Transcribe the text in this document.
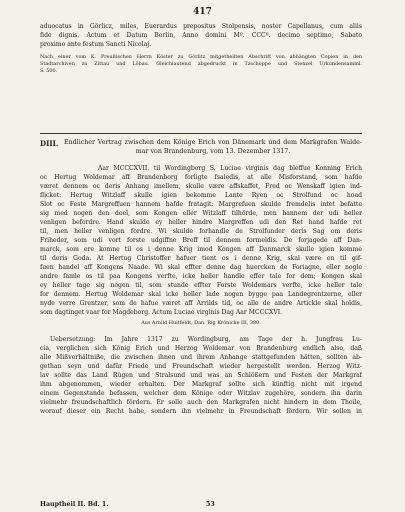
417
aduocatus in Görlicz, miles, Euerardus prepositus Stolpensis, noster Capellanus, cum aliis
fide dignis. Actum et Datum Berlin, Anno domini Mº. CCCº. decimo septimo, Sabato
proximo ante festum Sancti Nicolaj.
Nach einer vom K. Preußischen Herrn Köster zu Görlitz mitgetheilten Abschrift von abhängten Copien in den
Stadtarchiven zu Zittau und Löbau. Gleichlautend abgedruckt in Tzschoppe und Stenzel Urkundensamml.
S. 500.
DIII. Endlicher Vertrag zwischen dem Könige Erich von Dänemark und dem Markgrafen Walde-
mar von Brandenburg, vom 13. Dezember 1317.
Aar MCCCXVII. til Wordingborg S. Luciae virginis dag bleffue Konning Erich
oc Hertug Woldemar aff Brandenborg forligte fsaledis, at alle Misforstand, som hafde
været dennem oc deris Anhang imellem, skulle være affskaffet, Fred oc Wenskaff igien ind-
flicket: Hertug Witzlaff skulle igien bekomme Lante Ryen oc Strolfund oc hoad
Slot oc Feste Margreffuen hannem hafde fratagit: Margrefuen skulde fremdelis intet befatte
sig med nogen den deel, som Kongen eller Witzlaff tilhörde, men hannem der udi heller
venligen befordre. Hand skulde ey heller hindre Margreffen udi den Ret hand hafde ret
til, men heller venligen fordre. Wi skulde forhandle de Strolfunder deris Sag om deris
Friheder, som udi vort forste udgiffne Breff til dennem formeldis. De forjagede aff Dan-
marck, som ere komne til os i denne Krig imod Kongen aff Danmarck skulle igien komme
til deris Goda. At Hertug Christoffer hafuer tient os i denne Krig, skal være en til gif-
fuen handel aff Kongens Naade. Wi skal effter denne dag huercken de Foriagne, eller nogle
andre famle os til paa Kongens verfte, icke heller handle effer tale for dem; Kongen skal
ey heller tage sig nogen til, som stunde effter Forste Woldemars verfte, icke heller tale
for dennem. Hertug Woldemar skal icke heller lade nogen bygge paa Landegrentzerne, eller
nyde verre Grentzer, som de hafue været aff Arrilds tid, oc alle de andre Artickle skal holdis,
som dagtinget vaar for Magdeborg. Actum Luciae virginis Dag Aar MCCCXVI.
Aus Arnild Huitfeldt, Dan. Rig Krönicke III, 380.
Uebersetzung: Im Jahre 1317 zu Wordingburg, am Tage der h. Jungfrau Lu-
cia, verglichen sich König Erich und Herzog Woldemar von Brandenburg endlich also, daß
alle Mißverhältniße, die zwischen ihnen und ihrem Anhange stattgefunden hätten, sollten ab-
gethan seyn und dafür Friede und Freundschaft wieder hergestellt werden. Herzog Witz-
lav sollte das Land Rügen und Stralsund und was an Schlößern und Festen der Markgraf
ihm abgenommen, wieder erhalten. Der Markgraf sollte sich künftig nicht mit irgend
einem Gegenstande befassen, welcher dem Könige oder Witzlav zugehöre, sondern ihn darin
vielmehr freundschaftlich fördern. Er solle auch den Markgrafen nicht hindern in dem Theile,
worauf dieser ein Recht habe, sondern ihn vielmehr in Freundschaft fördern. Wir sollen in
Hauptheil II. Bd. 1.	53
